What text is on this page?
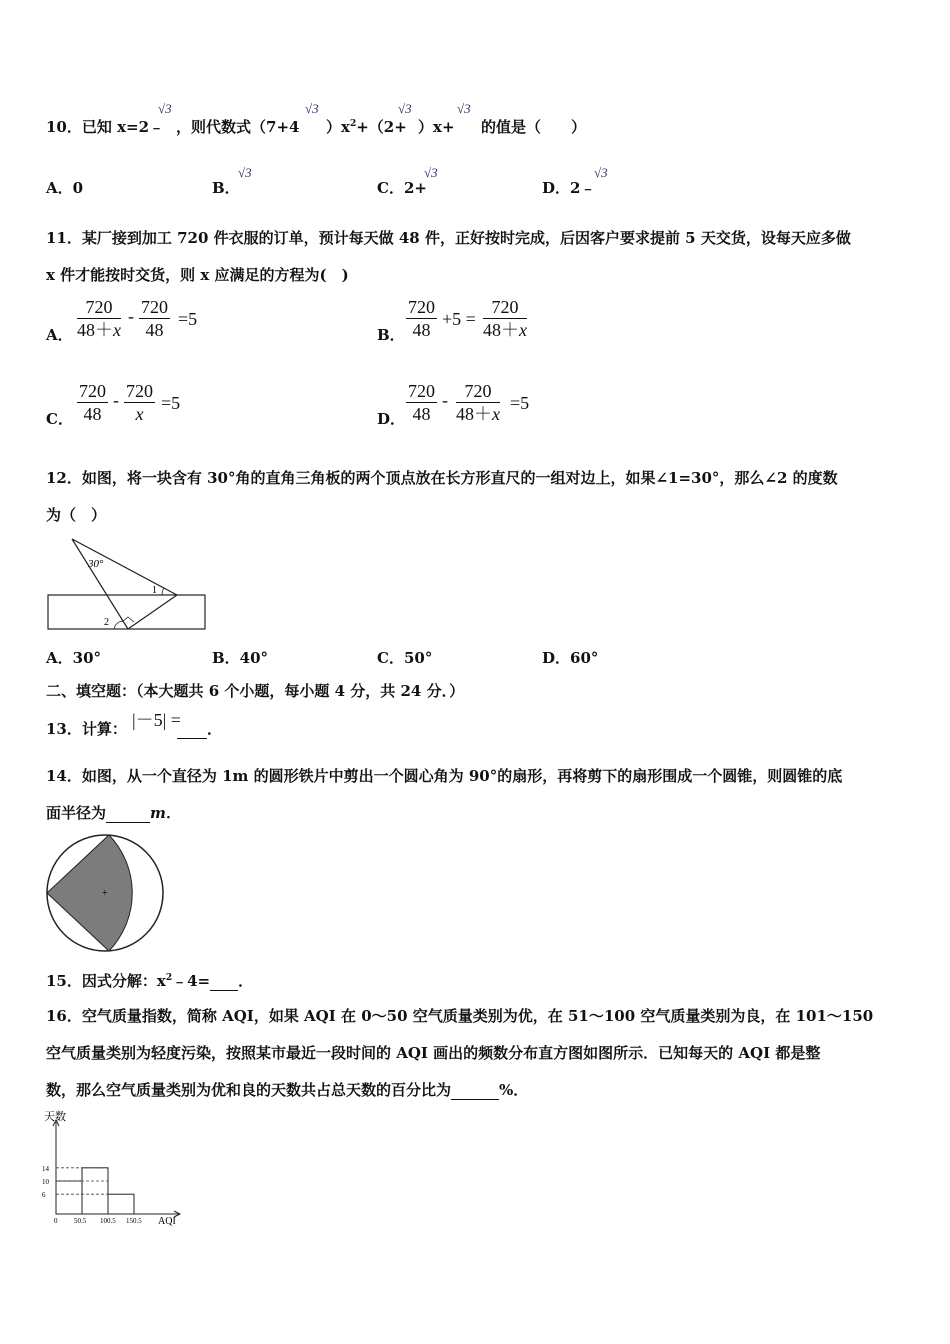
10．已知 x=2﹣
√3
，则代数式（7+4
√3
）$x^2+(2+$
√3
）x+
√3
的值是（　　）
A．0	B．
√3
C．2+
√3
D．2﹣
√3
11．某厂接到加工 720 件衣服的订单，预计每天做 48 件，正好按时完成，后因客户要求提前 5 天交货，设每天应多做
x 件才能按时交货，则 x 应满足的方程为(　)
A． $\frac{720}{48+x} - \frac{720}{48} =5$
B． $\frac{720}{48} +5 = \frac{720}{48+x}$
C． $\frac{720}{48} - \frac{720}{x} =5$
D． $\frac{720}{48} - \frac{720}{48+x} =5$
12．如图，将一块含有 30°角的直角三角板的两个顶点放在长方形直尺的一组对边上，如果∠1=30°，那么∠2 的度数
为（　）
30°
1
2
A．30°	B．40°	C．50°	D．60°
二、填空题：（本大题共 6 个小题，每小题 4 分，共 24 分．）
13．计算： |－5| =	．
14．如图，从一个直径为 1m 的圆形铁片中剪出一个圆心角为 90°的扇形，再将剪下的扇形围成一个圆锥，则圆锥的底
面半径为	m．
+
15．因式分解：$x^2﹣4=$ ．
16．空气质量指数，简称 AQI，如果 AQI 在 0～50 空气质量类别为优，在 51～100 空气质量类别为良，在 101～150
空气质量类别为轻度污染，按照某市最近一段时间的 AQI 画出的频数分布直方图如图所示．已知每天的 AQI 都是整
数，那么空气质量类别为优和良的天数共占总天数的百分比为	%．
天数
AQI
6
10
14
0 50.5 100.5 150.5
